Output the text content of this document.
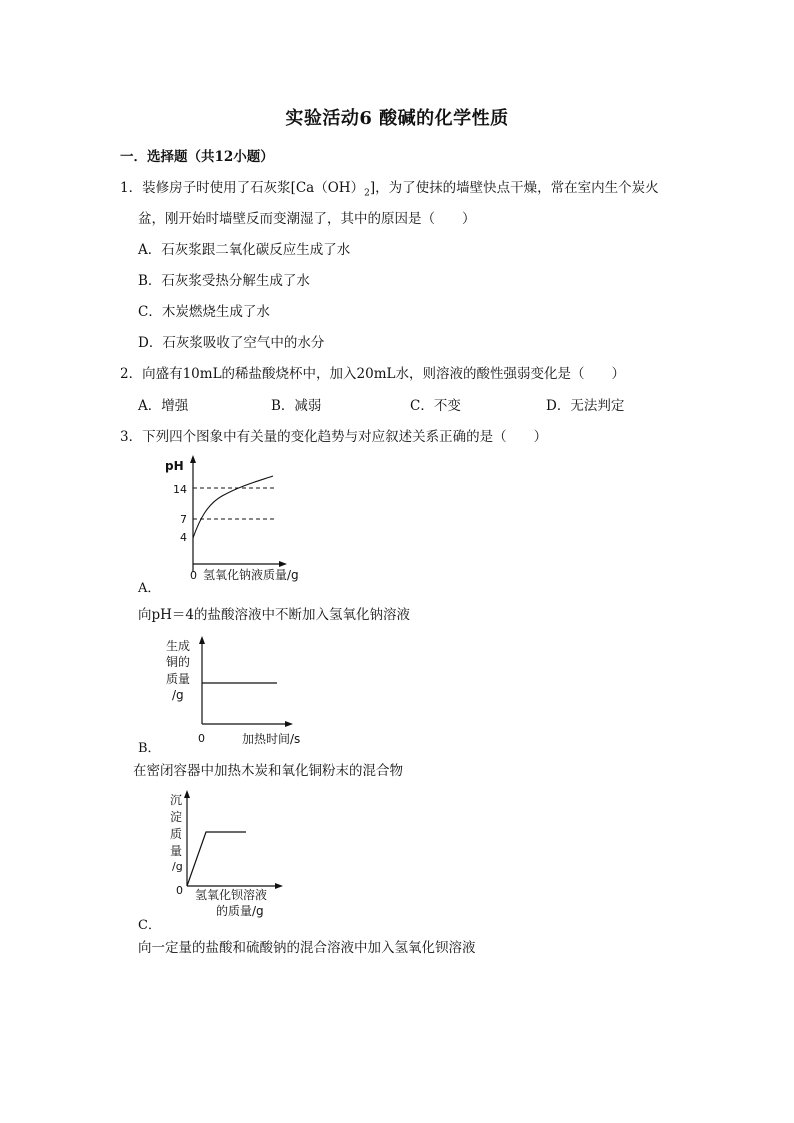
实验活动6 酸碱的化学性质
一．选择题（共12小题）
1．装修房子时使用了石灰浆$[Ca(OH)_2]$，为了使抹的墙壁快点干燥，常在室内生个炭火
盆，刚开始时墙壁反而变潮湿了，其中的原因是（　　）
A．石灰浆跟二氧化碳反应生成了水
B．石灰浆受热分解生成了水
C．木炭燃烧生成了水
D．石灰浆吸收了空气中的水分
2．向盛有10mL的稀盐酸烧杯中，加入20mL水，则溶液的酸性强弱变化是（　　）
A．增强	B．减弱	C．不变	D．无法判定
3．下列四个图象中有关量的变化趋势与对应叙述关系正确的是（　　）
pH
14
7
4
0 氢氧化钠液质量/g
A．
向pH＝4的盐酸溶液中不断加入氢氧化钠溶液
生成
铜的
质量
/g
0	加热时间/s
B．
在密闭容器中加热木炭和氧化铜粉末的混合物
沉
淀
质
量
/g
0 氢氧化钡溶液
的质量/g
C．
向一定量的盐酸和硫酸钠的混合溶液中加入氢氧化钡溶液
